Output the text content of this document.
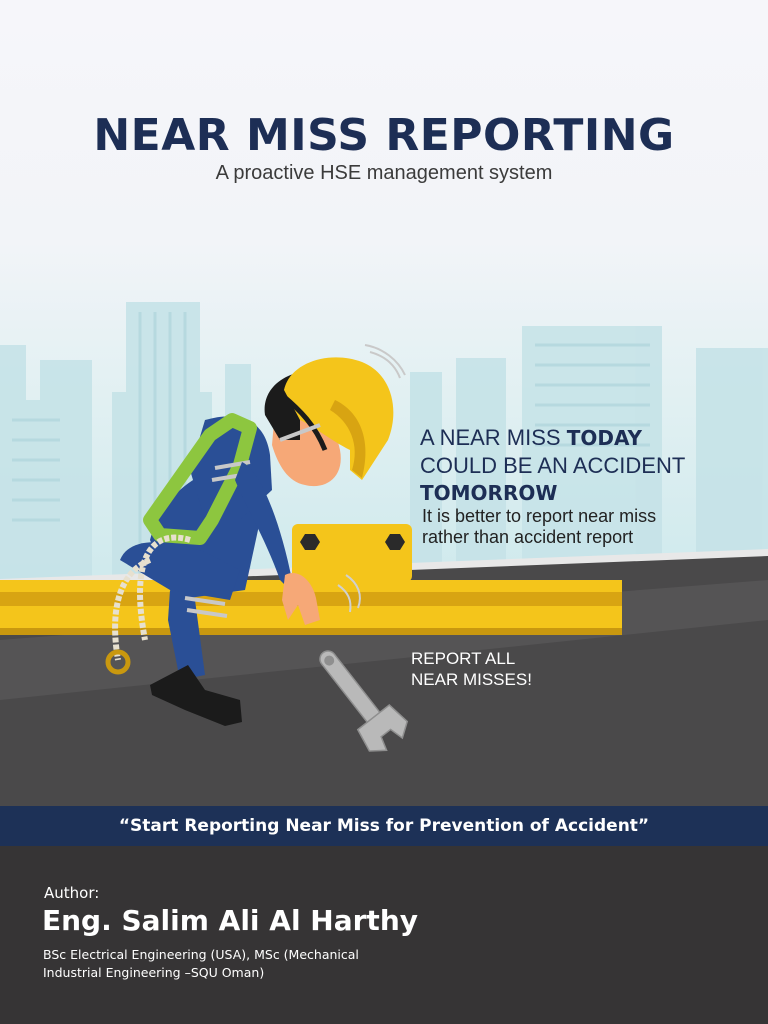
NEAR MISS REPORTING
A proactive HSE management system
A NEAR MISS TODAY
COULD BE AN ACCIDENT
TOMORROW
It is better to report near miss
rather than accident report
REPORT ALL
NEAR MISSES!
“Start Reporting Near Miss for Prevention of Accident”
Author:
Eng. Salim Ali Al Harthy
BSc Electrical Engineering (USA), MSc (Mechanical
Industrial Engineering –SQU Oman)
